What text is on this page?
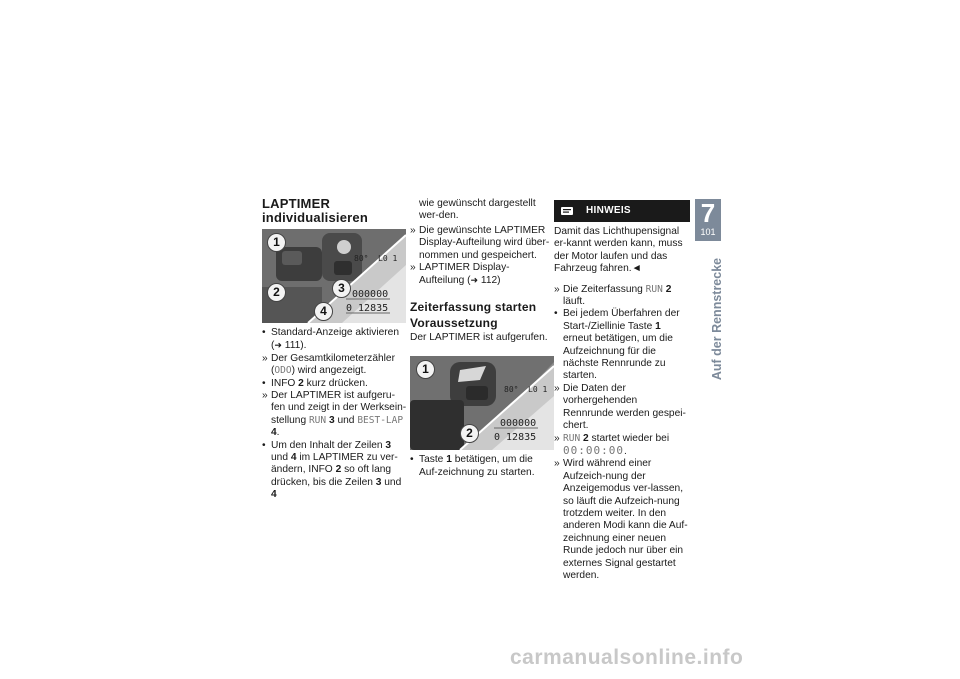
LAPTIMER individualisieren
1
2	3
4
80° L0 1
000000
0 12835
• Standard-Anzeige aktivieren (➜ 111).
» Der Gesamtkilometerzähler (ODO) wird angezeigt.
• INFO 2 kurz drücken.
» Der LAPTIMER ist aufgeru-fen und zeigt in der Werksein-stellung RUN 3 und BEST-LAP 4.
• Um den Inhalt der Zeilen 3 und 4 im LAPTIMER zu ver-ändern, INFO 2 so oft lang drücken, bis die Zeilen 3 und 4

wie gewünscht dargestellt wer-den.

» Die gewünschte LAPTIMER Display-Aufteilung wird über-nommen und gespeichert.
» LAPTIMER Display-Aufteilung (➜ 112)
Zeiterfassung starten
Voraussetzung

Der LAPTIMER ist aufgerufen.

1
2
80° L0 1
000000
0 12835
• Taste 1 betätigen, um die Auf-zeichnung zu starten.
HINWEIS

Damit das Lichthupensignal er-kannt werden kann, muss der Motor laufen und das Fahrzeug fahren.◄

» Die Zeiterfassung RUN 2 läuft.
• Bei jedem Überfahren der Start-/Ziellinie Taste 1 erneut betätigen, um die Aufzeichnung für die nächste Rennrunde zu starten.
» Die Daten der vorhergehenden Rennrunde werden gespei-chert.
» RUN 2 startet wieder bei 00:00:00.
» Wird während einer Aufzeich-nung der Anzeigemodus ver-lassen, so läuft die Aufzeich-nung trotzdem weiter. In den anderen Modi kann die Auf-zeichnung einer neuen Runde jedoch nur über ein externes Signal gestartet werden.
7
101
Auf der Rennstrecke
carmanualsonline.info
